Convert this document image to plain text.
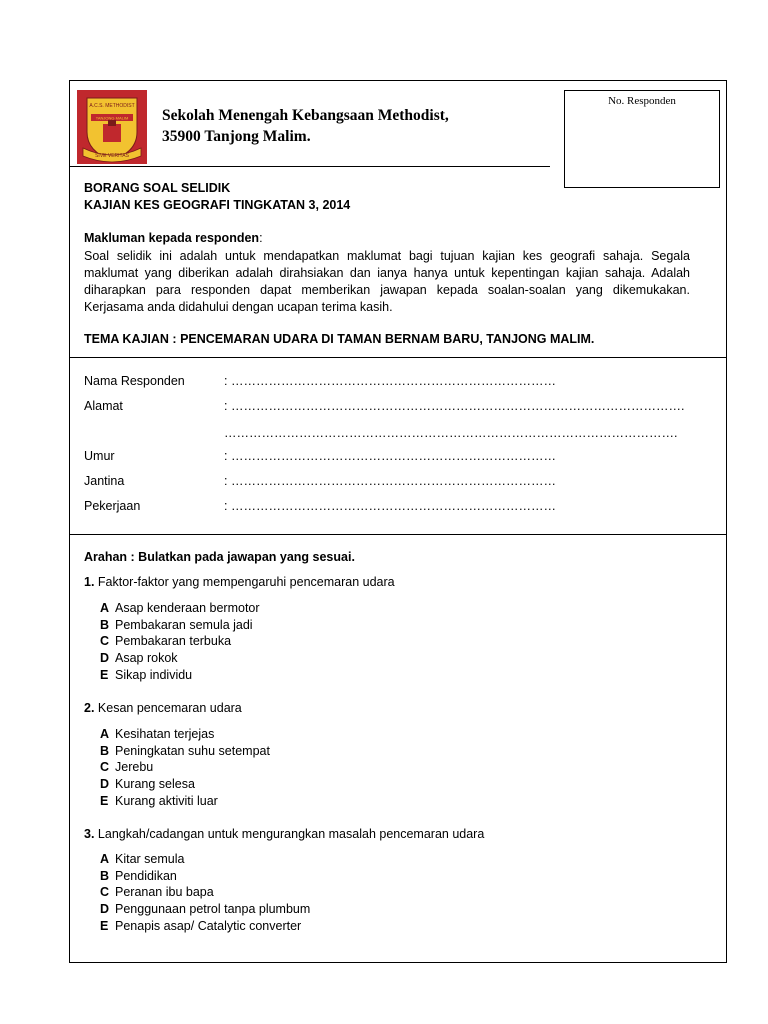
A.C.S. METHODIST
TANJONG MALIM
SIVE VERITAS
Sekolah Menengah Kebangsaan Methodist,
35900 Tanjong Malim.
No. Responden
BORANG SOAL SELIDIK
KAJIAN KES GEOGRAFI TINGKATAN 3, 2014
Makluman kepada responden:
Soal selidik ini adalah untuk mendapatkan maklumat bagi tujuan kajian kes geografi sahaja. Segala maklumat yang diberikan adalah dirahsiakan dan ianya hanya untuk kepentingan kajian sahaja. Adalah diharapkan para responden dapat memberikan jawapan kepada soalan-soalan yang dikemukakan. Kerjasama anda didahului dengan ucapan terima kasih.
TEMA KAJIAN : PENCEMARAN UDARA DI TAMAN BERNAM BARU, TANJONG MALIM.
Nama Responden	: ……………………………………………………………………
Alamat	: ……………………………………………………………………………………………….
……………………………………………………………………………………………….
Umur	: ……………………………………………………………………
Jantina	: ……………………………………………………………………
Pekerjaan	: ……………………………………………………………………
Arahan : Bulatkan pada jawapan yang sesuai.
1. Faktor-faktor yang mempengaruhi pencemaran udara
A Asap kenderaan bermotor
B Pembakaran semula jadi
C Pembakaran terbuka
D Asap rokok
E Sikap individu
2. Kesan pencemaran udara
A Kesihatan terjejas
B Peningkatan suhu setempat
C Jerebu
D Kurang selesa
E Kurang aktiviti luar
3. Langkah/cadangan untuk mengurangkan masalah pencemaran udara
A Kitar semula
B Pendidikan
C Peranan ibu bapa
D Penggunaan petrol tanpa plumbum
E Penapis asap/ Catalytic converter
